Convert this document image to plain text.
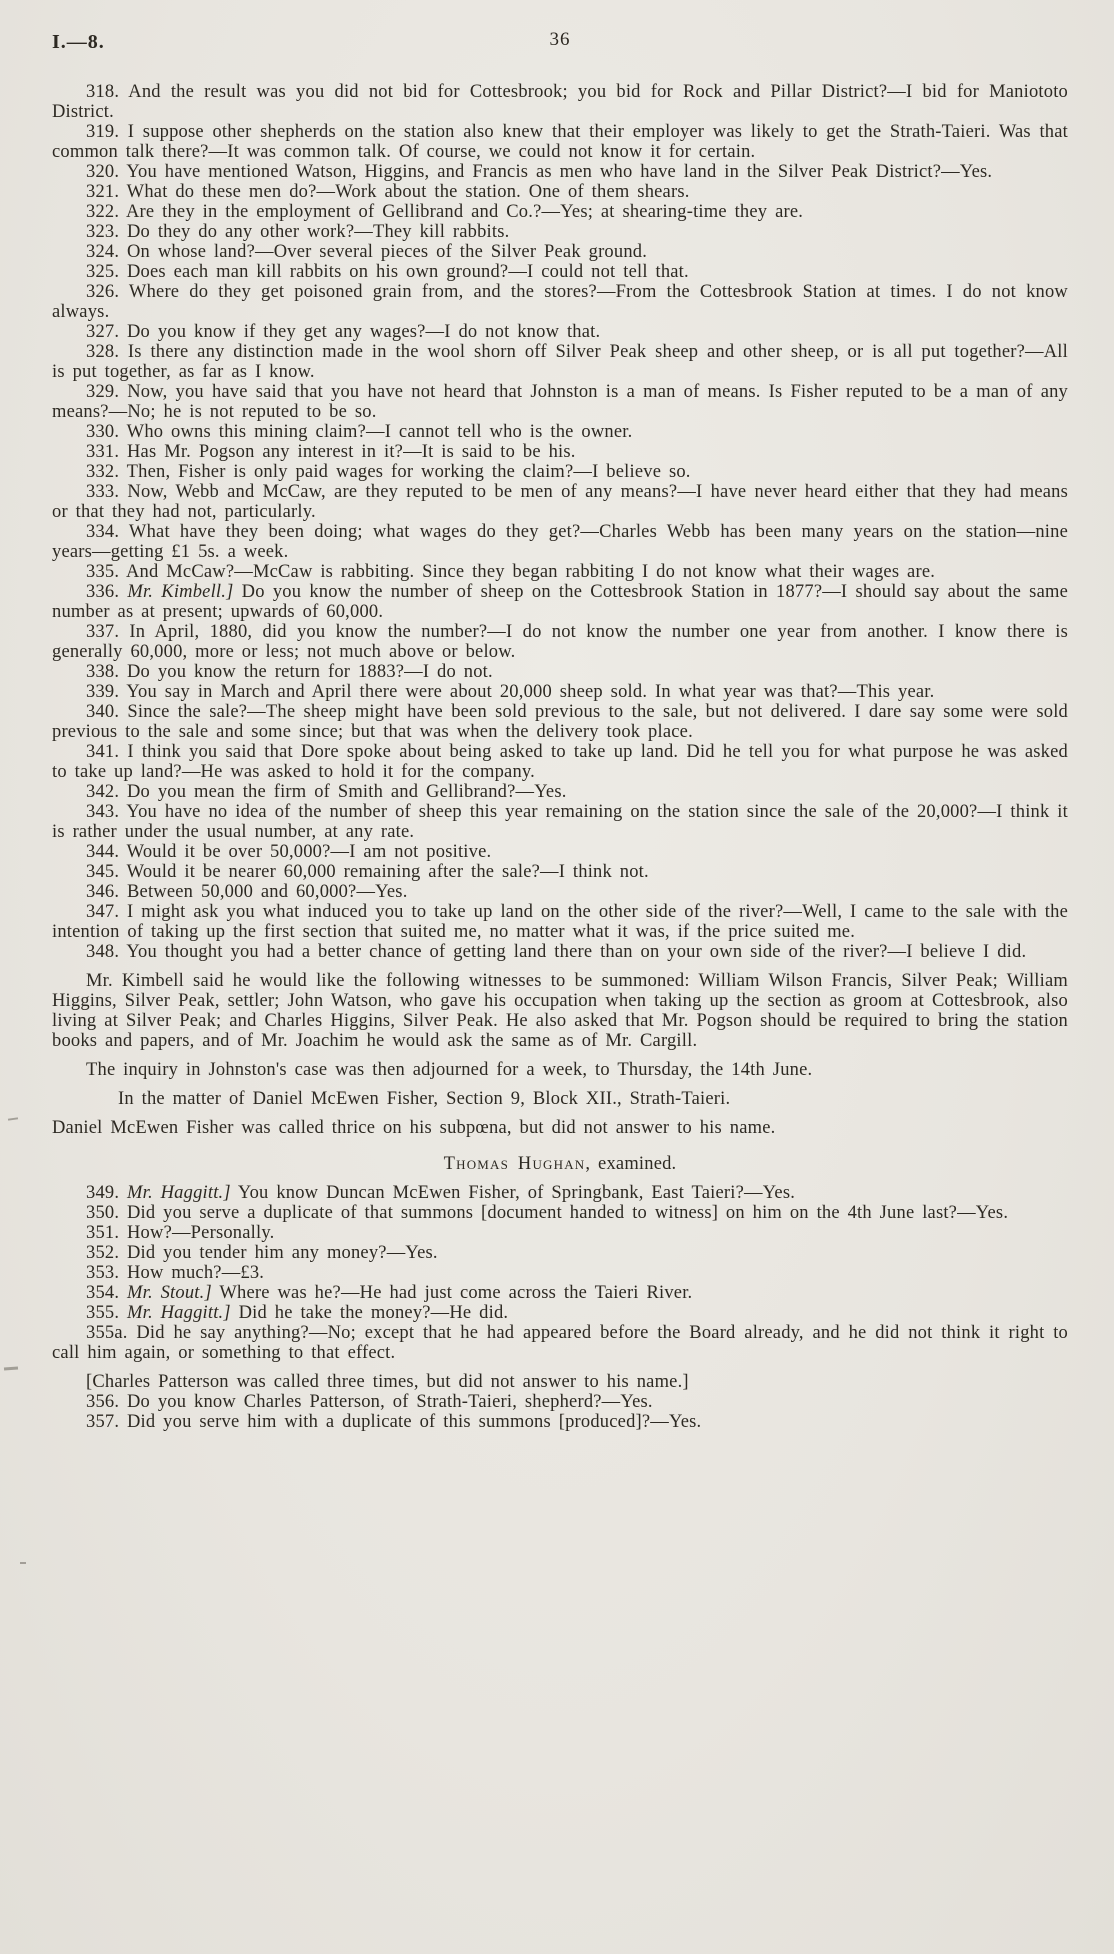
I.—8.	36

318. And the result was you did not bid for Cottesbrook; you bid for Rock and Pillar District?—I bid for Maniototo District.

319. I suppose other shepherds on the station also knew that their employer was likely to get the Strath-Taieri. Was that common talk there?—It was common talk. Of course, we could not know it for certain.

320. You have mentioned Watson, Higgins, and Francis as men who have land in the Silver Peak District?—Yes.

321. What do these men do?—Work about the station. One of them shears.

322. Are they in the employment of Gellibrand and Co.?—Yes; at shearing-time they are.

323. Do they do any other work?—They kill rabbits.

324. On whose land?—Over several pieces of the Silver Peak ground.

325. Does each man kill rabbits on his own ground?—I could not tell that.

326. Where do they get poisoned grain from, and the stores?—From the Cottesbrook Station at times. I do not know always.

327. Do you know if they get any wages?—I do not know that.

328. Is there any distinction made in the wool shorn off Silver Peak sheep and other sheep, or is all put together?—All is put together, as far as I know.

329. Now, you have said that you have not heard that Johnston is a man of means. Is Fisher reputed to be a man of any means?—No; he is not reputed to be so.

330. Who owns this mining claim?—I cannot tell who is the owner.

331. Has Mr. Pogson any interest in it?—It is said to be his.

332. Then, Fisher is only paid wages for working the claim?—I believe so.

333. Now, Webb and McCaw, are they reputed to be men of any means?—I have never heard either that they had means or that they had not, particularly.

334. What have they been doing; what wages do they get?—Charles Webb has been many years on the station—nine years—getting £1 5s. a week.

335. And McCaw?—McCaw is rabbiting. Since they began rabbiting I do not know what their wages are.

336. Mr. Kimbell.] Do you know the number of sheep on the Cottesbrook Station in 1877?—I should say about the same number as at present; upwards of 60,000.

337. In April, 1880, did you know the number?—I do not know the number one year from another. I know there is generally 60,000, more or less; not much above or below.

338. Do you know the return for 1883?—I do not.

339. You say in March and April there were about 20,000 sheep sold. In what year was that?—This year.

340. Since the sale?—The sheep might have been sold previous to the sale, but not delivered. I dare say some were sold previous to the sale and some since; but that was when the delivery took place.

341. I think you said that Dore spoke about being asked to take up land. Did he tell you for what purpose he was asked to take up land?—He was asked to hold it for the company.

342. Do you mean the firm of Smith and Gellibrand?—Yes.

343. You have no idea of the number of sheep this year remaining on the station since the sale of the 20,000?—I think it is rather under the usual number, at any rate.

344. Would it be over 50,000?—I am not positive.

345. Would it be nearer 60,000 remaining after the sale?—I think not.

346. Between 50,000 and 60,000?—Yes.

347. I might ask you what induced you to take up land on the other side of the river?—Well, I came to the sale with the intention of taking up the first section that suited me, no matter what it was, if the price suited me.

348. You thought you had a better chance of getting land there than on your own side of the river?—I believe I did.

Mr. Kimbell said he would like the following witnesses to be summoned: William Wilson Francis, Silver Peak; William Higgins, Silver Peak, settler; John Watson, who gave his occupation when taking up the section as groom at Cottesbrook, also living at Silver Peak; and Charles Higgins, Silver Peak. He also asked that Mr. Pogson should be required to bring the station books and papers, and of Mr. Joachim he would ask the same as of Mr. Cargill.

The inquiry in Johnston's case was then adjourned for a week, to Thursday, the 14th June.

In the matter of Daniel McEwen Fisher, Section 9, Block XII., Strath-Taieri.

Daniel McEwen Fisher was called thrice on his subpœna, but did not answer to his name.

Thomas Hughan, examined.

349. Mr. Haggitt.] You know Duncan McEwen Fisher, of Springbank, East Taieri?—Yes.

350. Did you serve a duplicate of that summons [document handed to witness] on him on the 4th June last?—Yes.

351. How?—Personally.

352. Did you tender him any money?—Yes.

353. How much?—£3.

354. Mr. Stout.] Where was he?—He had just come across the Taieri River.

355. Mr. Haggitt.] Did he take the money?—He did.

355a. Did he say anything?—No; except that he had appeared before the Board already, and he did not think it right to call him again, or something to that effect.

[Charles Patterson was called three times, but did not answer to his name.]

356. Do you know Charles Patterson, of Strath-Taieri, shepherd?—Yes.

357. Did you serve him with a duplicate of this summons [produced]?—Yes.
